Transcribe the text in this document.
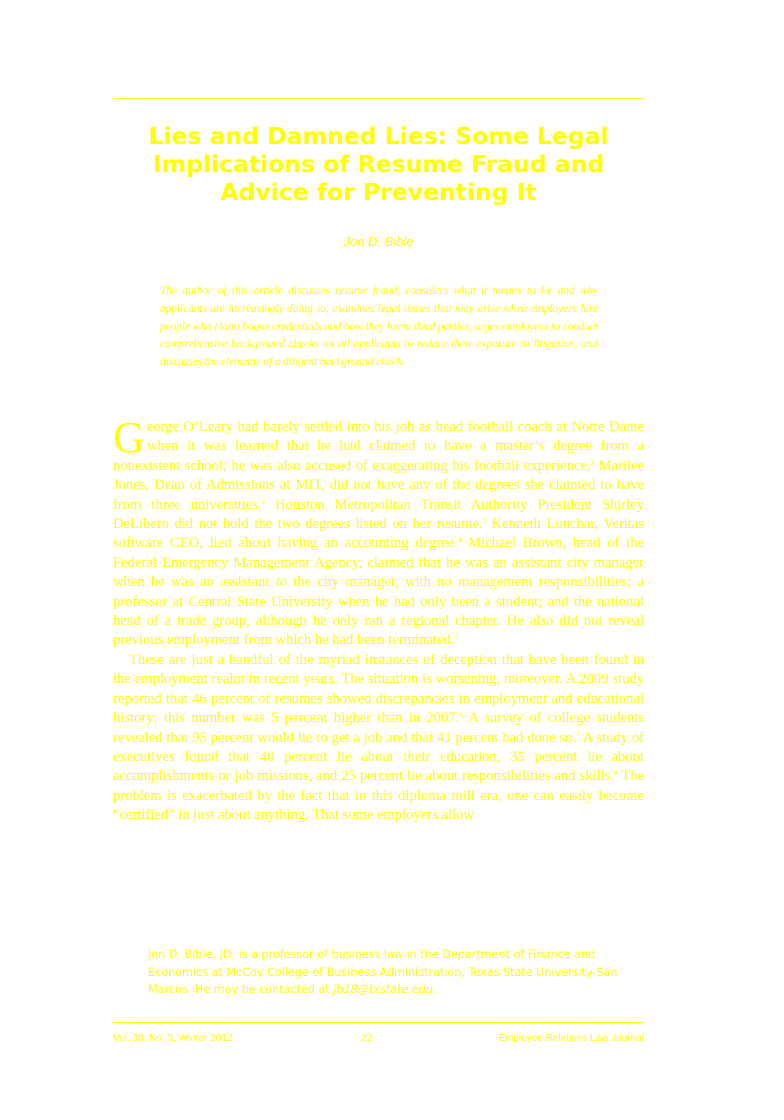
Lies and Damned Lies: Some Legal
Implications of Resume Fraud and
Advice for Preventing It
Jon D. Bible
The author of this article discusses resume fraud, considers what it means to lie and why applicants are increasingly doing so, examines legal issues that may arise when employers hire people who claim bogus credentials and how they harm third parties, urges employers to conduct comprehensive background checks on all applicants to reduce their exposure to litigation, and discusses the elements of a diligent background check.

George O’Leary had barely settled into his job as head football coach at Notre Dame when it was learned that he had claimed to have a master’s degree from a nonexistent school; he was also accused of exaggerating his football experience.$^1$ Marilee Jones, Dean of Admissions at MIT, did not have any of the degrees she claimed to have from three universities.$^2$ Houston Metropolitan Transit Authority President Shirley DeLibero did not hold the two degrees listed on her resume.$^3$ Kenneth Lonchar, Veritas software CEO, lied about having an accounting degree.$^4$ Michael Brown, head of the Federal Emergency Management Agency, claimed that he was an assistant city manager when he was an assistant to the city manager, with no management responsibilities; a professor at Central State University when he had only been a student; and the national head of a trade group, although he only ran a regional chapter. He also did not reveal previous employment from which he had been terminated.$^5$

These are just a handful of the myriad instances of deception that have been found in the employment realm in recent years. The situation is worsening, moreover. A 2009 study reported that 46 percent of resumes showed discrepancies in employment and educational history; this number was 5 percent higher than in 2007.$^6$ A survey of college students revealed that 95 percent would lie to get a job and that 41 percent had done so.$^7$ A study of executives found that 40 percent lie about their education, 35 percent lie about accomplishments or job missions, and 25 percent lie about responsibilities and skills.$^8$ The problem is exacerbated by the fact that in this diploma mill era, one can easily become “certified” in just about anything. That some employers allow

Jon D. Bible, JD, is a professor of business law in the Department of Finance and Economics at McCoy College of Business Administration, Texas State University-San Marcos. He may be contacted at jb18@txstate.edu.
Vol. 38, No. 3, Winter 2012	22	Employee Relations Law Journal
